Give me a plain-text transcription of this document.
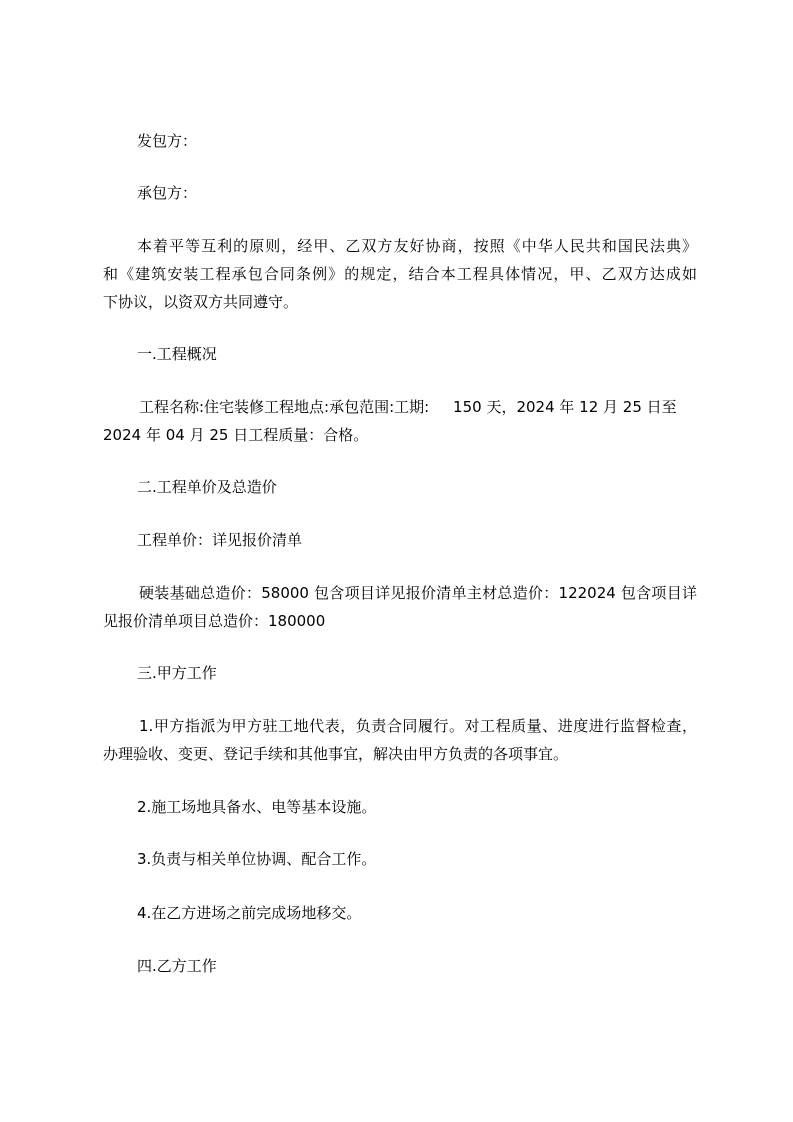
发包方：
承包方：
本着平等互利的原则，经甲、乙双方友好协商，按照《中华人民共和国民法典》
和《建筑安装工程承包合同条例》的规定，结合本工程具体情况，甲、乙双方达成如
下协议，以资双方共同遵守。
一.工程概况
工程名称:住宅装修工程地点:承包范围:工期:     150 天，2024 年 12 月 25 日至
2024 年 04 月 25 日工程质量：合格。
二.工程单价及总造价
工程单价：详见报价清单
硬装基础总造价：58000 包含项目详见报价清单主材总造价：122024 包含项目详
见报价清单项目总造价：180000
三.甲方工作
1.甲方指派为甲方驻工地代表，负责合同履行。对工程质量、进度进行监督检查，
办理验收、变更、登记手续和其他事宜，解决由甲方负责的各项事宜。
2.施工场地具备水、电等基本设施。
3.负责与相关单位协调、配合工作。
4.在乙方进场之前完成场地移交。
四.乙方工作
